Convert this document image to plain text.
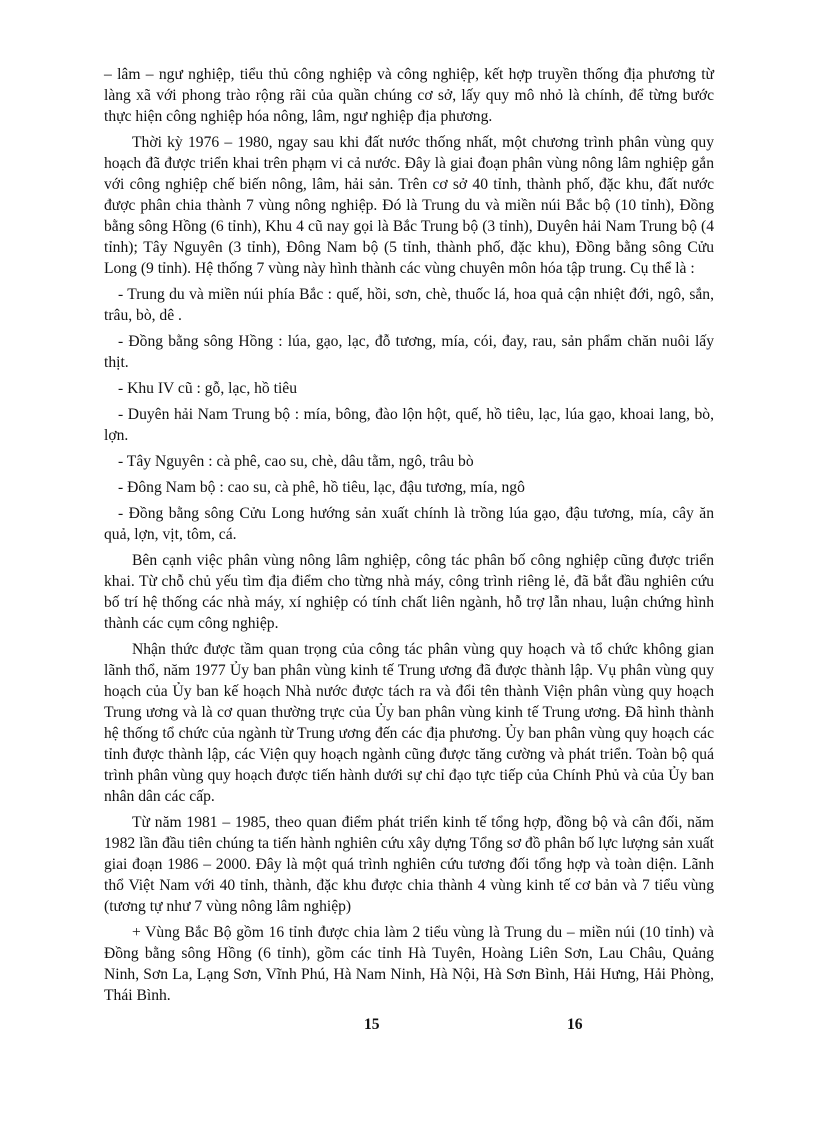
– lâm – ngư nghiệp, tiểu thủ công nghiệp và công nghiệp, kết hợp truyền thống địa phương từ làng xã với phong trào rộng rãi của quần chúng cơ sở, lấy quy mô nhỏ là chính, để từng bước thực hiện công nghiệp hóa nông, lâm, ngư nghiệp địa phương.

Thời kỳ 1976 – 1980, ngay sau khi đất nước thống nhất, một chương trình phân vùng quy hoạch đã được triển khai trên phạm vi cả nước. Đây là giai đoạn phân vùng nông lâm nghiệp gắn với công nghiệp chế biến nông, lâm, hải sản. Trên cơ sở 40 tỉnh, thành phố, đặc khu, đất nước được phân chia thành 7 vùng nông nghiệp. Đó là Trung du và miền núi Bắc bộ (10 tỉnh), Đồng bằng sông Hồng (6 tỉnh), Khu 4 cũ nay gọi là Bắc Trung bộ (3 tỉnh), Duyên hải Nam Trung bộ (4 tỉnh); Tây Nguyên (3 tỉnh), Đông Nam bộ (5 tỉnh, thành phố, đặc khu), Đồng bằng sông Cửu Long (9 tỉnh). Hệ thống 7 vùng này hình thành các vùng chuyên môn hóa tập trung. Cụ thể là :

- Trung du và miền núi phía Bắc : quế, hồi, sơn, chè, thuốc lá, hoa quả cận nhiệt đới, ngô, sắn, trâu, bò, dê .

- Đồng bằng sông Hồng : lúa, gạo, lạc, đỗ tương, mía, cói, đay, rau, sản phẩm chăn nuôi lấy thịt.

- Khu IV cũ : gỗ, lạc, hồ tiêu

- Duyên hải Nam Trung bộ : mía, bông, đào lộn hột, quế, hồ tiêu, lạc, lúa gạo, khoai lang, bò, lợn.

- Tây Nguyên : cà phê, cao su, chè, dâu tằm, ngô, trâu bò

- Đông Nam bộ : cao su, cà phê, hồ tiêu, lạc, đậu tương, mía, ngô

- Đồng bằng sông Cửu Long hướng sản xuất chính là trồng lúa gạo, đậu tương, mía, cây ăn quả, lợn, vịt, tôm, cá.

Bên cạnh việc phân vùng nông lâm nghiệp, công tác phân bố công nghiệp cũng được triển khai. Từ chỗ chủ yếu tìm địa điểm cho từng nhà máy, công trình riêng lẻ, đã bắt đầu nghiên cứu bố trí hệ thống các nhà máy, xí nghiệp có tính chất liên ngành, hỗ trợ lẫn nhau, luận chứng hình thành các cụm công nghiệp.

Nhận thức được tầm quan trọng của công tác phân vùng quy hoạch và tổ chức không gian lãnh thổ, năm 1977 Ủy ban phân vùng kinh tế Trung ương đã được thành lập. Vụ phân vùng quy hoạch của Ủy ban kế hoạch Nhà nước được tách ra và đổi tên thành Viện phân vùng quy hoạch Trung ương và là cơ quan thường trực của Ủy ban phân vùng kinh tế Trung ương. Đã hình thành hệ thống tổ chức của ngành từ Trung ương đến các địa phương. Ủy ban phân vùng quy hoạch các tỉnh được thành lập, các Viện quy hoạch ngành cũng được tăng cường và phát triển. Toàn bộ quá trình phân vùng quy hoạch được tiến hành dưới sự chỉ đạo tực tiếp của Chính Phủ và của Ủy ban nhân dân các cấp.

Từ năm 1981 – 1985, theo quan điểm phát triển kinh tế tổng hợp, đồng bộ và cân đối, năm 1982 lần đầu tiên chúng ta tiến hành nghiên cứu xây dựng Tổng sơ đồ phân bố lực lượng sản xuất giai đoạn 1986 – 2000. Đây là một quá trình nghiên cứu tương đối tổng hợp và toàn diện. Lãnh thổ Việt Nam với 40 tỉnh, thành, đặc khu được chia thành 4 vùng kinh tế cơ bản và 7 tiểu vùng (tương tự như 7 vùng nông lâm nghiệp)

+ Vùng Bắc Bộ gồm 16 tỉnh được chia làm 2 tiểu vùng là Trung du – miền núi (10 tỉnh) và Đồng bằng sông Hồng (6 tỉnh), gồm các tỉnh Hà Tuyên, Hoàng Liên Sơn, Lau Châu, Quảng Ninh, Sơn La, Lạng Sơn, Vĩnh Phú, Hà Nam Ninh, Hà Nội, Hà Sơn Bình, Hải Hưng, Hải Phòng, Thái Bình.

15	16
